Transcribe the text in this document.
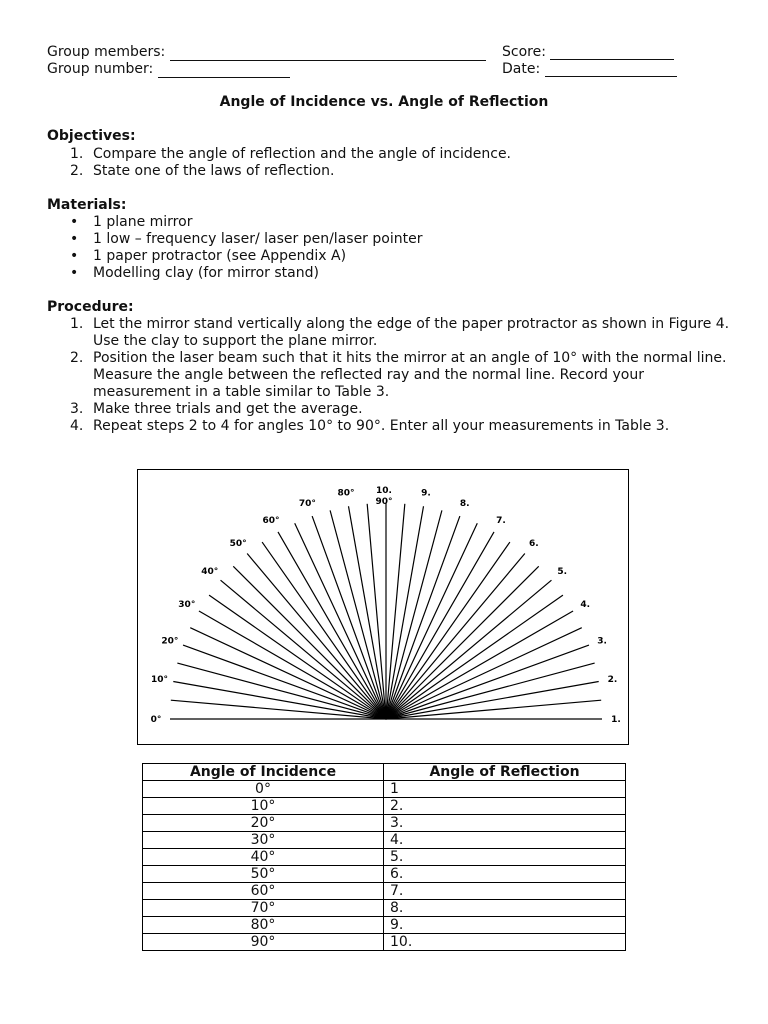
Group members:	Score:
Group number:	Date:
Angle of Incidence vs. Angle of Reflection
Objectives:
1. Compare the angle of reflection and the angle of incidence.
2. State one of the laws of reflection.
Materials:
•	1 plane mirror
•	1 low – frequency laser/ laser pen/laser pointer
•	1 paper protractor (see Appendix A)
•	Modelling clay (for mirror stand)
Procedure:
1. Let the mirror stand vertically along the edge of the paper protractor as shown in Figure 4. Use the clay to support the plane mirror.
2. Position the laser beam such that it hits the mirror at an angle of 10° with the normal line. Measure the angle between the reflected ray and the normal line. Record your measurement in a table similar to Table 3.
3. Make three trials and get the average.
4. Repeat steps 2 to 4 for angles 10° to 90°. Enter all your measurements in Table 3.
0°	1.
10°	2.
20°	3.
30°	4.
40°	5.
50°	6.
60°	7.
70°	8.
80°	9.
10.
90°
Angle of Incidence	Angle of Reflection
0°	1
10°	2.
20°	3.
30°	4.
40°	5.
50°	6.
60°	7.
70°	8.
80°	9.
90°	10.
